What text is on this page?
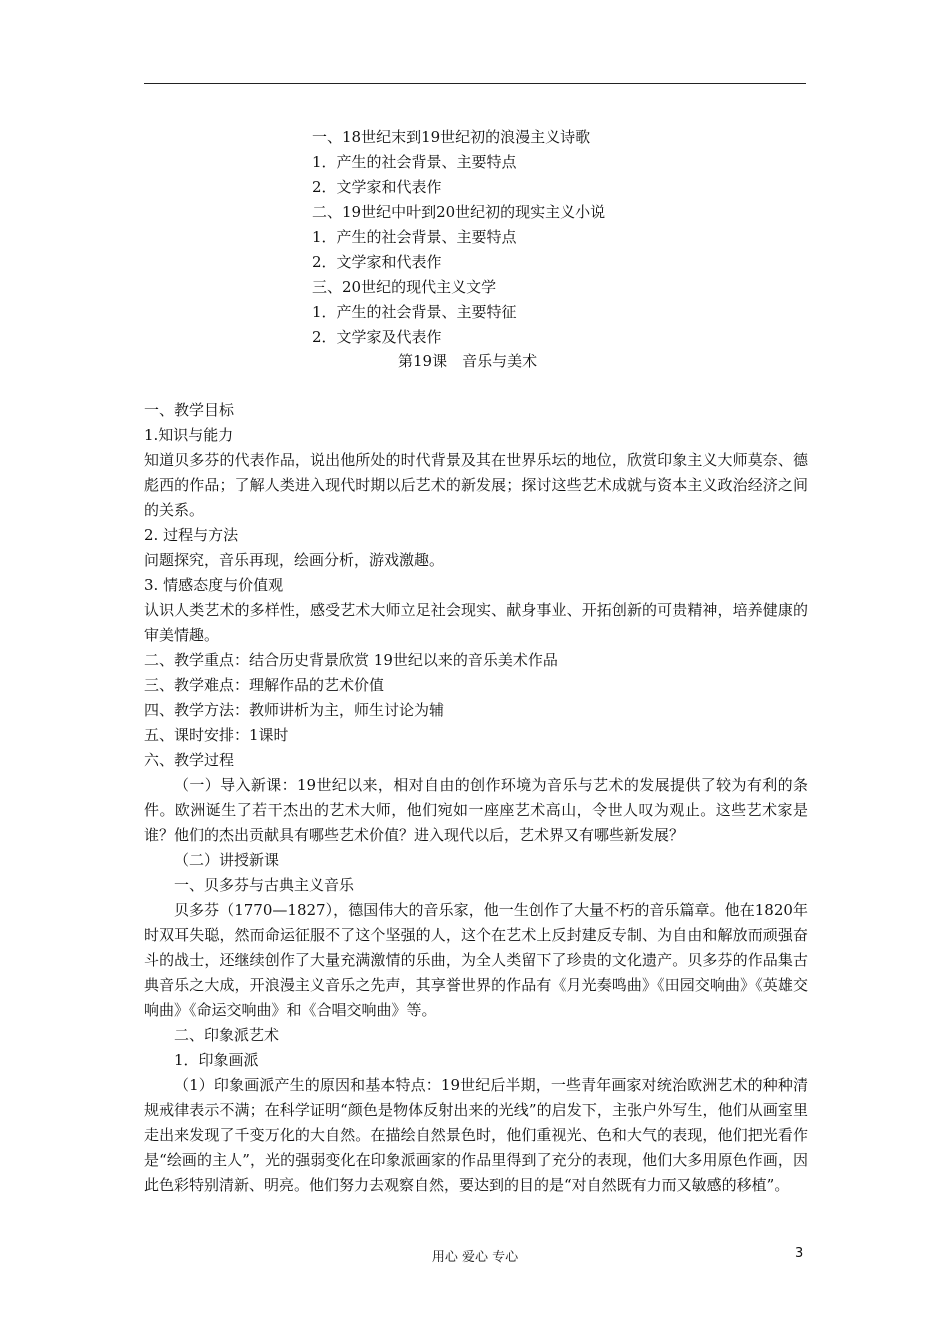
一、18世纪末到19世纪初的浪漫主义诗歌
1．产生的社会背景、主要特点
2．文学家和代表作
二、19世纪中叶到20世纪初的现实主义小说
1．产生的社会背景、主要特点
2．文学家和代表作
三、20世纪的现代主义文学
1．产生的社会背景、主要特征
2．文学家及代表作
第19课　音乐与美术
一、教学目标
1.知识与能力
知道贝多芬的代表作品，说出他所处的时代背景及其在世界乐坛的地位，欣赏印象主义大师莫奈、德彪西的作品；了解人类进入现代时期以后艺术的新发展；探讨这些艺术成就与资本主义政治经济之间的关系。
2. 过程与方法
问题探究，音乐再现，绘画分析，游戏激趣。
3. 情感态度与价值观
认识人类艺术的多样性，感受艺术大师立足社会现实、献身事业、开拓创新的可贵精神，培养健康的审美情趣。
二、教学重点：结合历史背景欣赏 19世纪以来的音乐美术作品
三、教学难点：理解作品的艺术价值
四、教学方法：教师讲析为主，师生讨论为辅
五、课时安排：1课时
六、教学过程
（一）导入新课：19世纪以来，相对自由的创作环境为音乐与艺术的发展提供了较为有利的条件。欧洲诞生了若干杰出的艺术大师，他们宛如一座座艺术高山，令世人叹为观止。这些艺术家是谁？他们的杰出贡献具有哪些艺术价值？进入现代以后，艺术界又有哪些新发展？
（二）讲授新课
一、贝多芬与古典主义音乐
贝多芬（1770—1827），德国伟大的音乐家，他一生创作了大量不朽的音乐篇章。他在1820年时双耳失聪，然而命运征服不了这个坚强的人，这个在艺术上反封建反专制、为自由和解放而顽强奋斗的战士，还继续创作了大量充满激情的乐曲，为全人类留下了珍贵的文化遗产。贝多芬的作品集古典音乐之大成，开浪漫主义音乐之先声，其享誉世界的作品有《月光奏鸣曲》《田园交响曲》《英雄交响曲》《命运交响曲》和《合唱交响曲》等。
二、印象派艺术
1．印象画派
（1）印象画派产生的原因和基本特点：19世纪后半期，一些青年画家对统治欧洲艺术的种种清规戒律表示不满；在科学证明“颜色是物体反射出来的光线”的启发下，主张户外写生，他们从画室里走出来发现了千变万化的大自然。在描绘自然景色时，他们重视光、色和大气的表现，他们把光看作是“绘画的主人”，光的强弱变化在印象派画家的作品里得到了充分的表现，他们大多用原色作画，因此色彩特别清新、明亮。他们努力去观察自然，要达到的目的是“对自然既有力而又敏感的移植”。
用心 爱心 专心	3
